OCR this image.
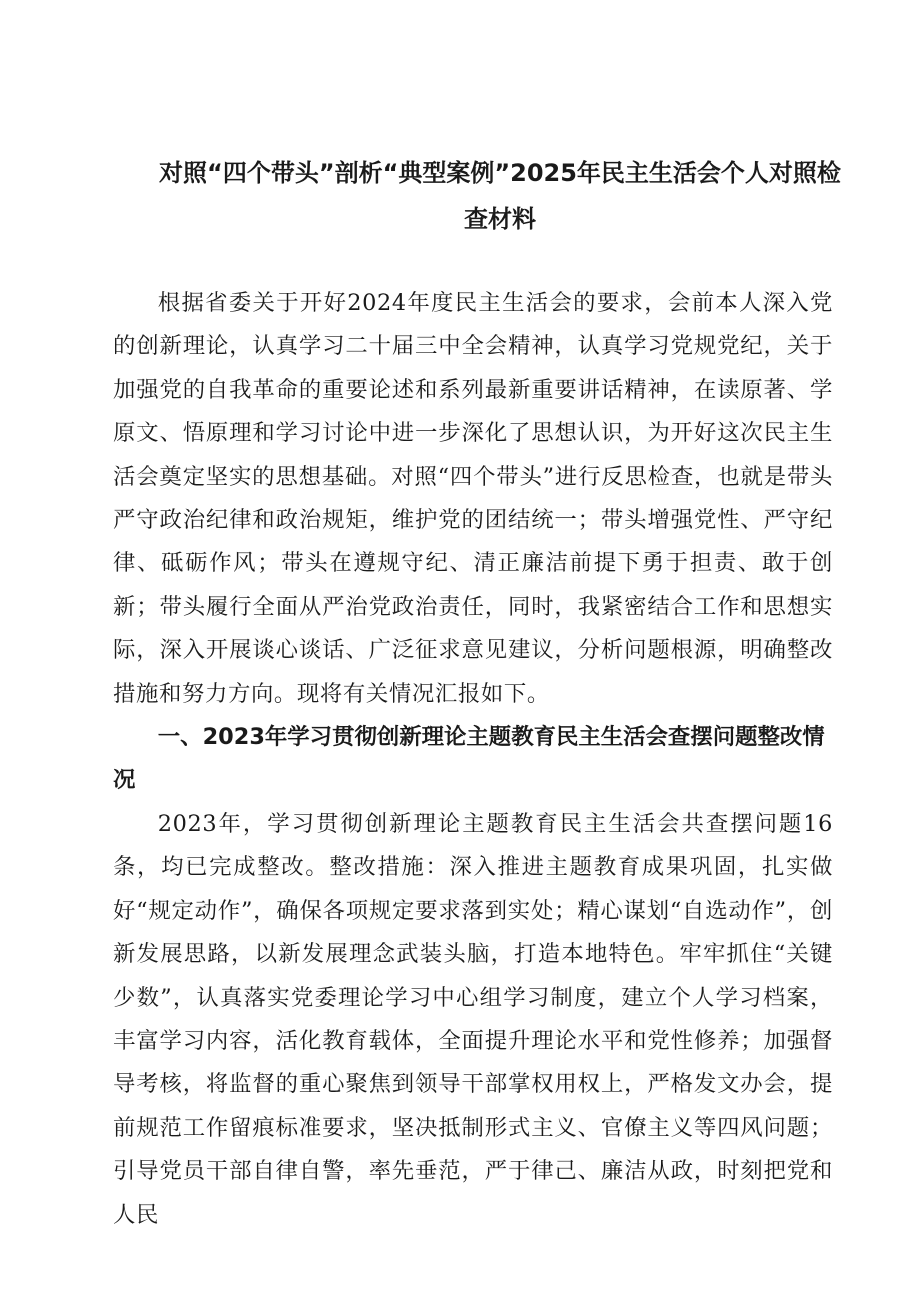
对照“四个带头”剖析“典型案例”2025年民主生活会个人对照检
查材料

根据省委关于开好2024年度民主生活会的要求，会前本人深入党的创新理论，认真学习二十届三中全会精神，认真学习党规党纪，关于加强党的自我革命的重要论述和系列最新重要讲话精神，在读原著、学原文、悟原理和学习讨论中进一步深化了思想认识，为开好这次民主生活会奠定坚实的思想基础。对照“四个带头”进行反思检查，也就是带头严守政治纪律和政治规矩，维护党的团结统一；带头增强党性、严守纪律、砥砺作风；带头在遵规守纪、清正廉洁前提下勇于担责、敢于创新；带头履行全面从严治党政治责任，同时，我紧密结合工作和思想实际，深入开展谈心谈话、广泛征求意见建议，分析问题根源，明确整改措施和努力方向。现将有关情况汇报如下。

一、2023年学习贯彻创新理论主题教育民主生活会查摆问题整改情况

2023年，学习贯彻创新理论主题教育民主生活会共查摆问题16条，均已完成整改。整改措施：深入推进主题教育成果巩固，扎实做好“规定动作”，确保各项规定要求落到实处；精心谋划“自选动作”，创新发展思路，以新发展理念武装头脑，打造本地特色。牢牢抓住“关键少数”，认真落实党委理论学习中心组学习制度，建立个人学习档案，丰富学习内容，活化教育载体，全面提升理论水平和党性修养；加强督导考核，将监督的重心聚焦到领导干部掌权用权上，严格发文办会，提前规范工作留痕标准要求，坚决抵制形式主义、官僚主义等四风问题；引导党员干部自律自警，率先垂范，严于律己、廉洁从政，时刻把党和人民
